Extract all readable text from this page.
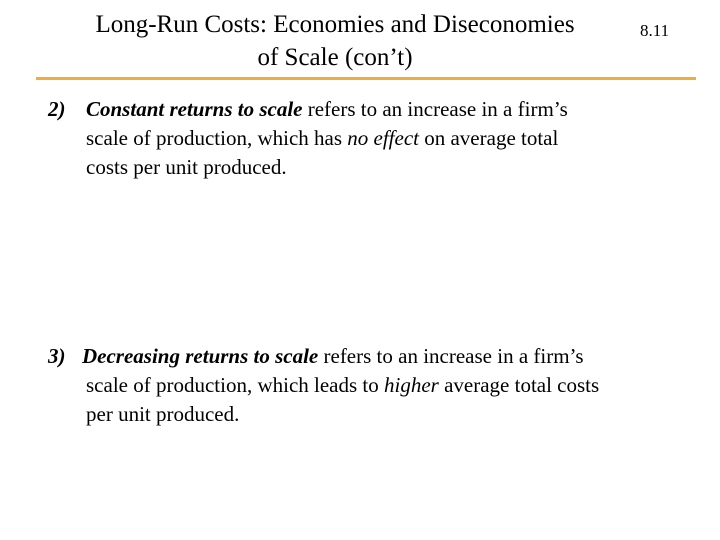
Long-Run Costs: Economies and Diseconomies
of Scale (con’t)
8.11

2) Constant returns to scale refers to an increase in a firm’s
scale of production, which has no effect on average total
costs per unit produced.

3) Decreasing returns to scale refers to an increase in a firm’s
scale of production, which leads to higher average total costs
per unit produced.
